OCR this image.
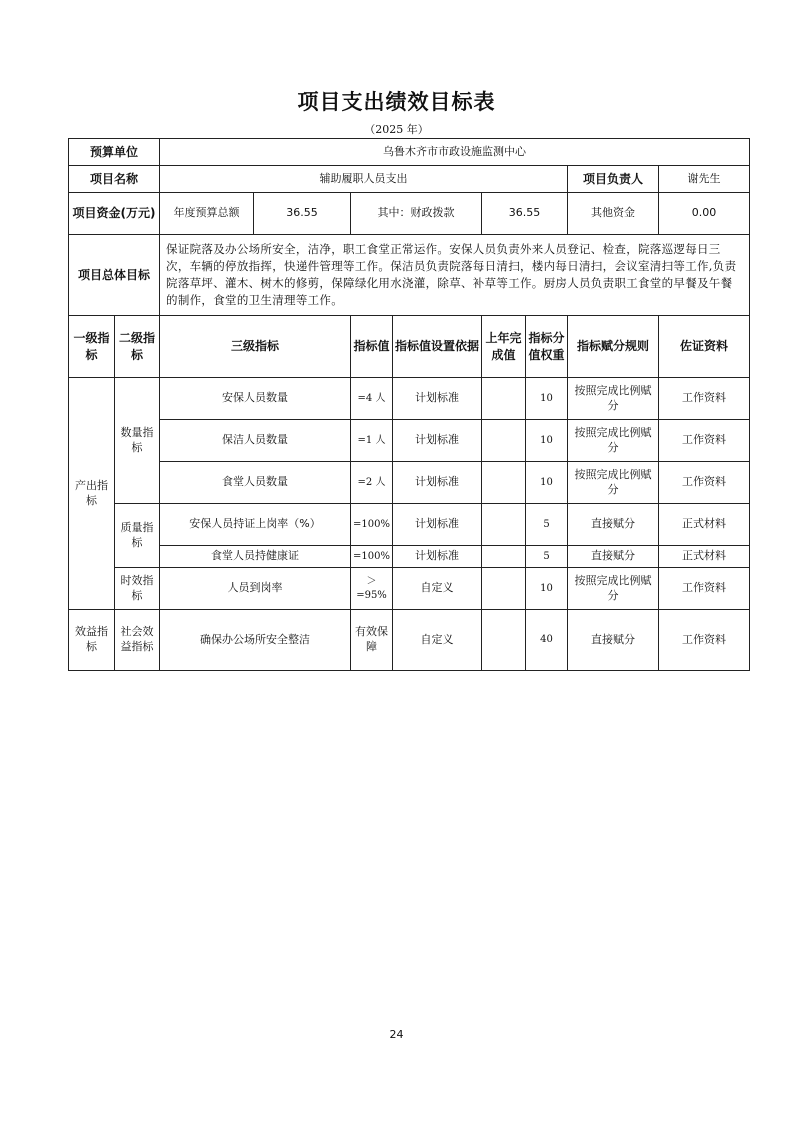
项目支出绩效目标表
（2025 年）
预算单位		乌鲁木齐市市政设施监测中心							
项目名称		辅助履职人员支出						项目负责人	谢先生
项目资金(万元)		年度预算总额	36.55	其中：财政拨款		36.55		其他资金	0.00
项目总体目标		保证院落及办公场所安全，洁净，职工食堂正常运作。安保人员负责外来人员登记、检查，院落巡逻每日三次，车辆的停放指挥，快递件管理等工作。保洁员负责院落每日清扫，楼内每日清扫，会议室清扫等工作,负责院落草坪、灌木、树木的修剪，保障绿化用水浇灌，除草、补草等工作。厨房人员负责职工食堂的早餐及午餐的制作，食堂的卫生清理等工作。							
一级指标	二级指标	三级指标		指标值	指标值设置依据	上年完成值	指标分值权重	指标赋分规则	佐证资料
产出指标	数量指标	安保人员数量		=4 人	计划标准		10	按照完成比例赋分	工作资料
		保洁人员数量		=1 人	计划标准		10	按照完成比例赋分	工作资料
		食堂人员数量		=2 人	计划标准		10	按照完成比例赋分	工作资料
	质量指标	安保人员持证上岗率（%）		=100%	计划标准		5	直接赋分	正式材料
		食堂人员持健康证		=100%	计划标准		5	直接赋分	正式材料
	时效指标	人员到岗率		＞=95%	自定义		10	按照完成比例赋分	工作资料
效益指标	社会效益指标	确保办公场所安全整洁		有效保障	自定义		40	直接赋分	工作资料
24
